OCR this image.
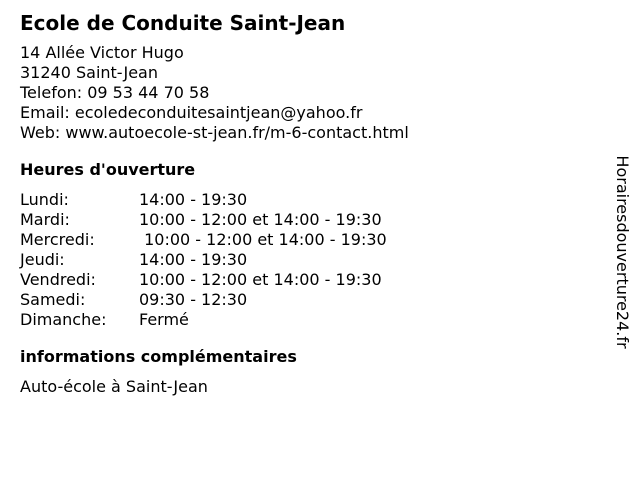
Ecole de Conduite Saint-Jean
14 Allée Victor Hugo
31240 Saint-Jean
Telefon: 09 53 44 70 58
Email: ecoledeconduitesaintjean@yahoo.fr
Web: www.autoecole-st-jean.fr/m-6-contact.html
Heures d'ouverture
Lundi:	14:00 - 19:30
Mardi:	10:00 - 12:00 et 14:00 - 19:30
Mercredi:	10:00 - 12:00 et 14:00 - 19:30
Jeudi:	14:00 - 19:30
Vendredi:	10:00 - 12:00 et 14:00 - 19:30
Samedi:	09:30 - 12:30
Dimanche:	Fermé
informations complémentaires
Auto-école à Saint-Jean
Horairesdouverture24.fr
